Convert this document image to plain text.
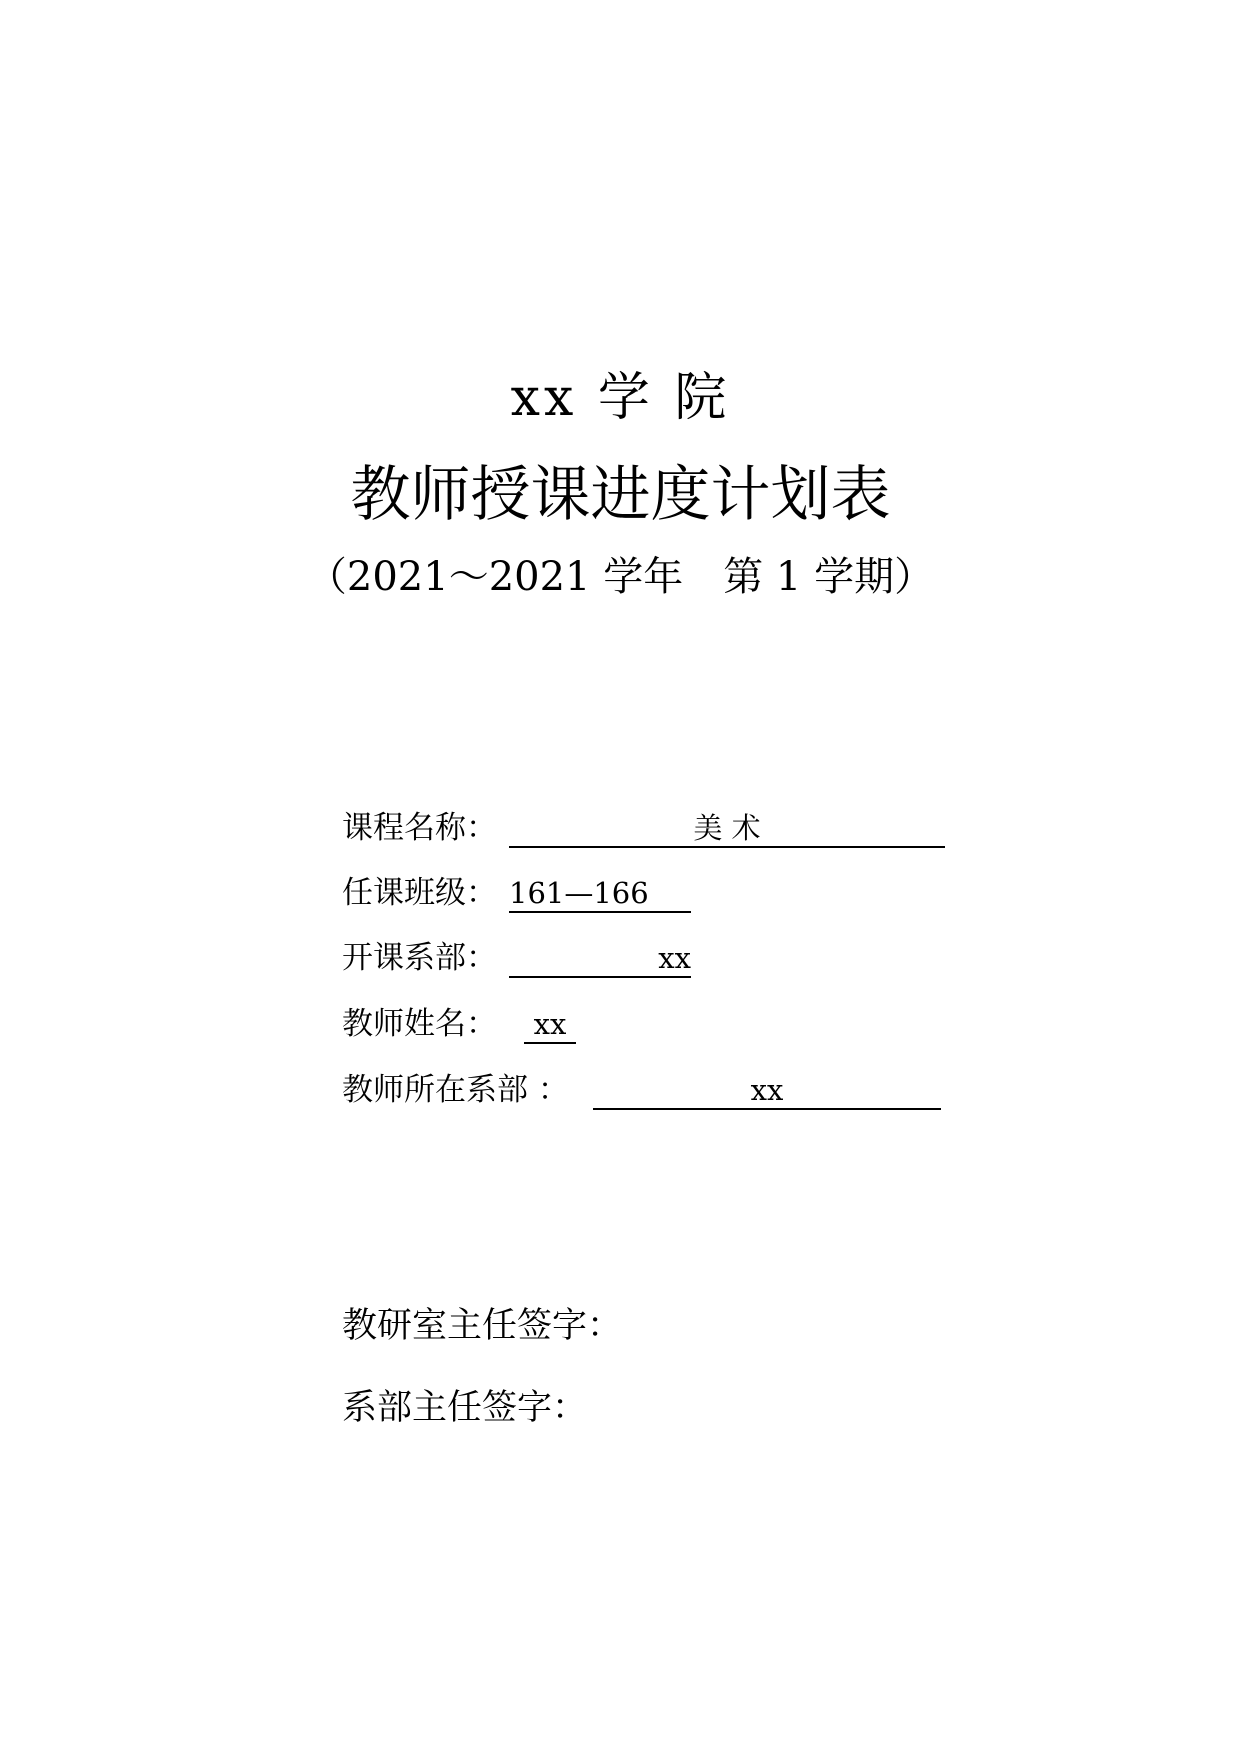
xx 学 院
教师授课进度计划表
（2021～2021 学年　第 1 学期）
课程名称：	美 术
任课班级： 161—166
开课系部：	xx
教师姓名：	xx
教师所在系部 ：	xx
教研室主任签字：
系部主任签字：
